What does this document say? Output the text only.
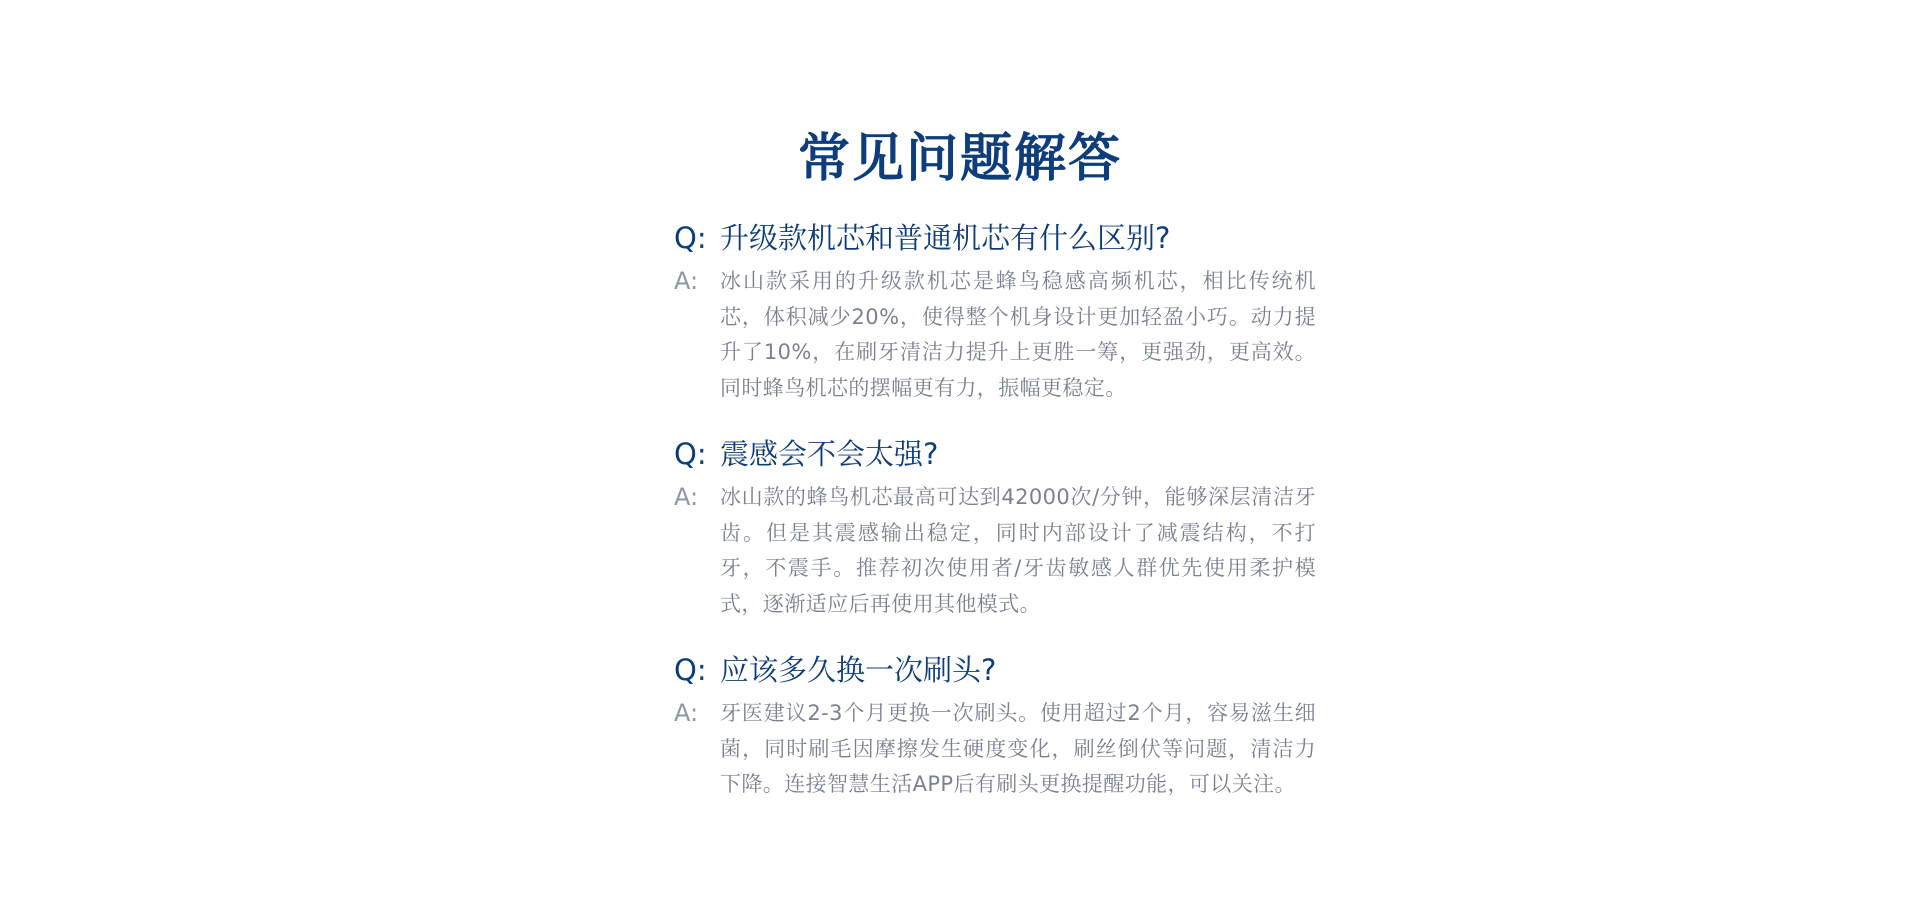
常见问题解答
Q: 升级款机芯和普通机芯有什么区别?
A:	冰山款采用的升级款机芯是蜂鸟稳感高频机芯，相比传统机芯，体积减少20%，使得整个机身设计更加轻盈小巧。动力提升了10%，在刷牙清洁力提升上更胜一筹，更强劲，更高效。同时蜂鸟机芯的摆幅更有力，振幅更稳定。
Q: 震感会不会太强?
A:	冰山款的蜂鸟机芯最高可达到42000次/分钟，能够深层清洁牙齿。但是其震感输出稳定，同时内部设计了减震结构，不打牙，不震手。推荐初次使用者/牙齿敏感人群优先使用柔护模式，逐渐适应后再使用其他模式。
Q: 应该多久换一次刷头?
A:	牙医建议2-3个月更换一次刷头。使用超过2个月，容易滋生细菌，同时刷毛因摩擦发生硬度变化，刷丝倒伏等问题，清洁力下降。连接智慧生活APP后有刷头更换提醒功能，可以关注。
